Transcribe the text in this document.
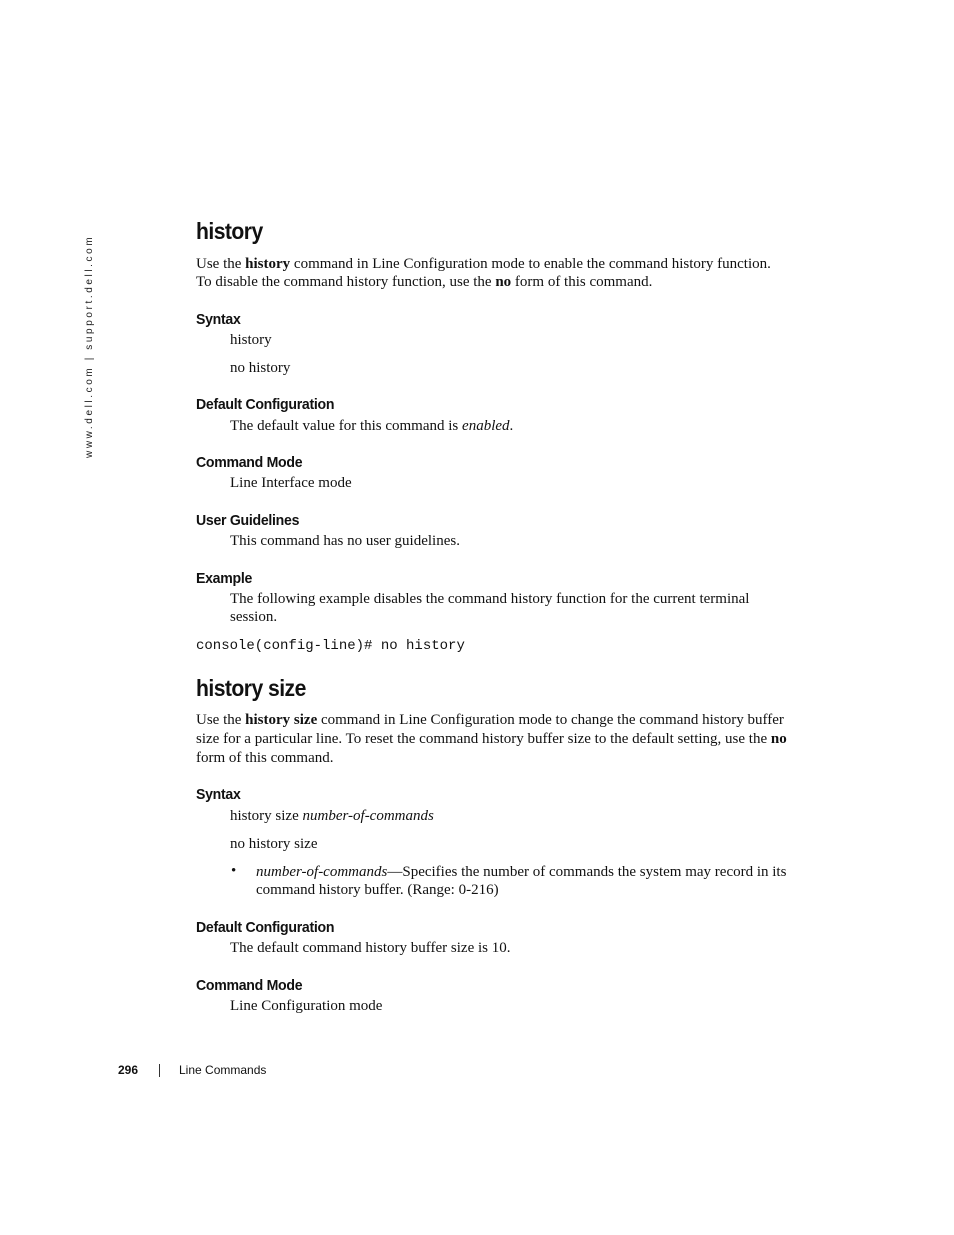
www.dell.com | support.dell.com
history

Use the history command in Line Configuration mode to enable the command history function.

To disable the command history function, use the no form of this command.

Syntax

history

no history

Default Configuration

The default value for this command is enabled.

Command Mode

Line Interface mode

User Guidelines

This command has no user guidelines.

Example

The following example disables the command history function for the current terminal

session.

console(config-line)# no history
history size

Use the history size command in Line Configuration mode to change the command history buffer

size for a particular line. To reset the command history buffer size to the default setting, use the no

form of this command.

Syntax

history size number-of-commands

no history size

• number-of-commands—Specifies the number of commands the system may record in its

command history buffer. (Range: 0-216)

Default Configuration

The default command history buffer size is 10.

Command Mode

Line Configuration mode

296	Line Commands
